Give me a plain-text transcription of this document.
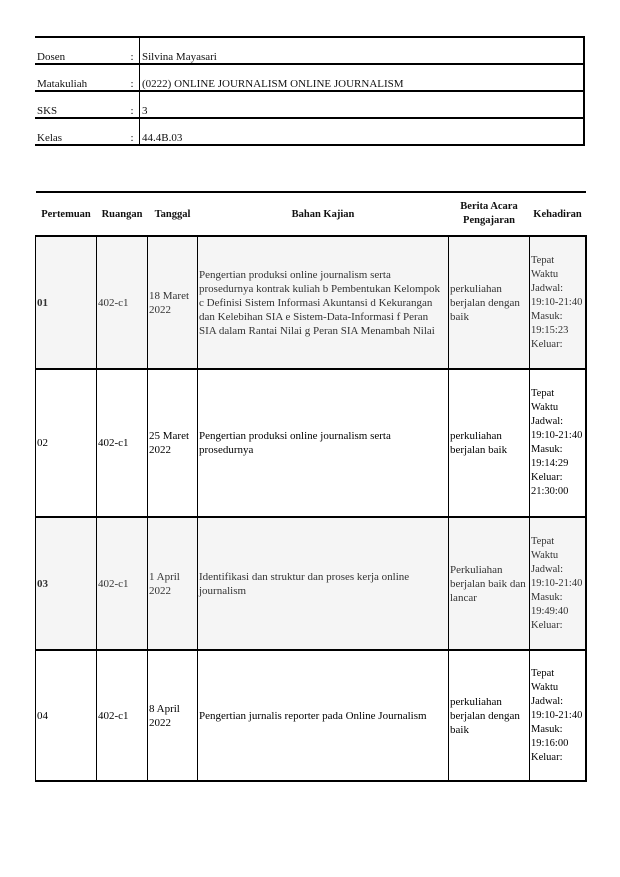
Dosen	:	Silvina Mayasari
Matakuliah	:	(0222) ONLINE JOURNALISM ONLINE JOURNALISM
SKS	:	3
Kelas	:	44.4B.03
Pertemuan	Ruangan	Tanggal	Bahan Kajian	Berita Acara Pengajaran	Kehadiran
01	402-c1	18 Maret 2022	Pengertian produksi online journalism serta prosedurnya kontrak kuliah b Pembentukan Kelompok c Definisi Sistem Informasi Akuntansi d Kekurangan dan Kelebihan SIA e Sistem-Data-Informasi f Peran SIA dalam Rantai Nilai g Peran SIA Menambah Nilai	perkuliahan berjalan dengan baik	Tepat Waktu Jadwal: 19:10-21:40 Masuk: 19:15:23 Keluar:
02	402-c1	25 Maret 2022	Pengertian produksi online journalism serta prosedurnya	perkuliahan berjalan baik	Tepat Waktu Jadwal: 19:10-21:40 Masuk: 19:14:29 Keluar: 21:30:00
03	402-c1	1 April 2022	Identifikasi dan struktur dan proses kerja online journalism	Perkuliahan berjalan baik dan lancar	Tepat Waktu Jadwal: 19:10-21:40 Masuk: 19:49:40 Keluar:
04	402-c1	8 April 2022	Pengertian jurnalis reporter pada Online Journalism	perkuliahan berjalan dengan baik	Tepat Waktu Jadwal: 19:10-21:40 Masuk: 19:16:00 Keluar:
